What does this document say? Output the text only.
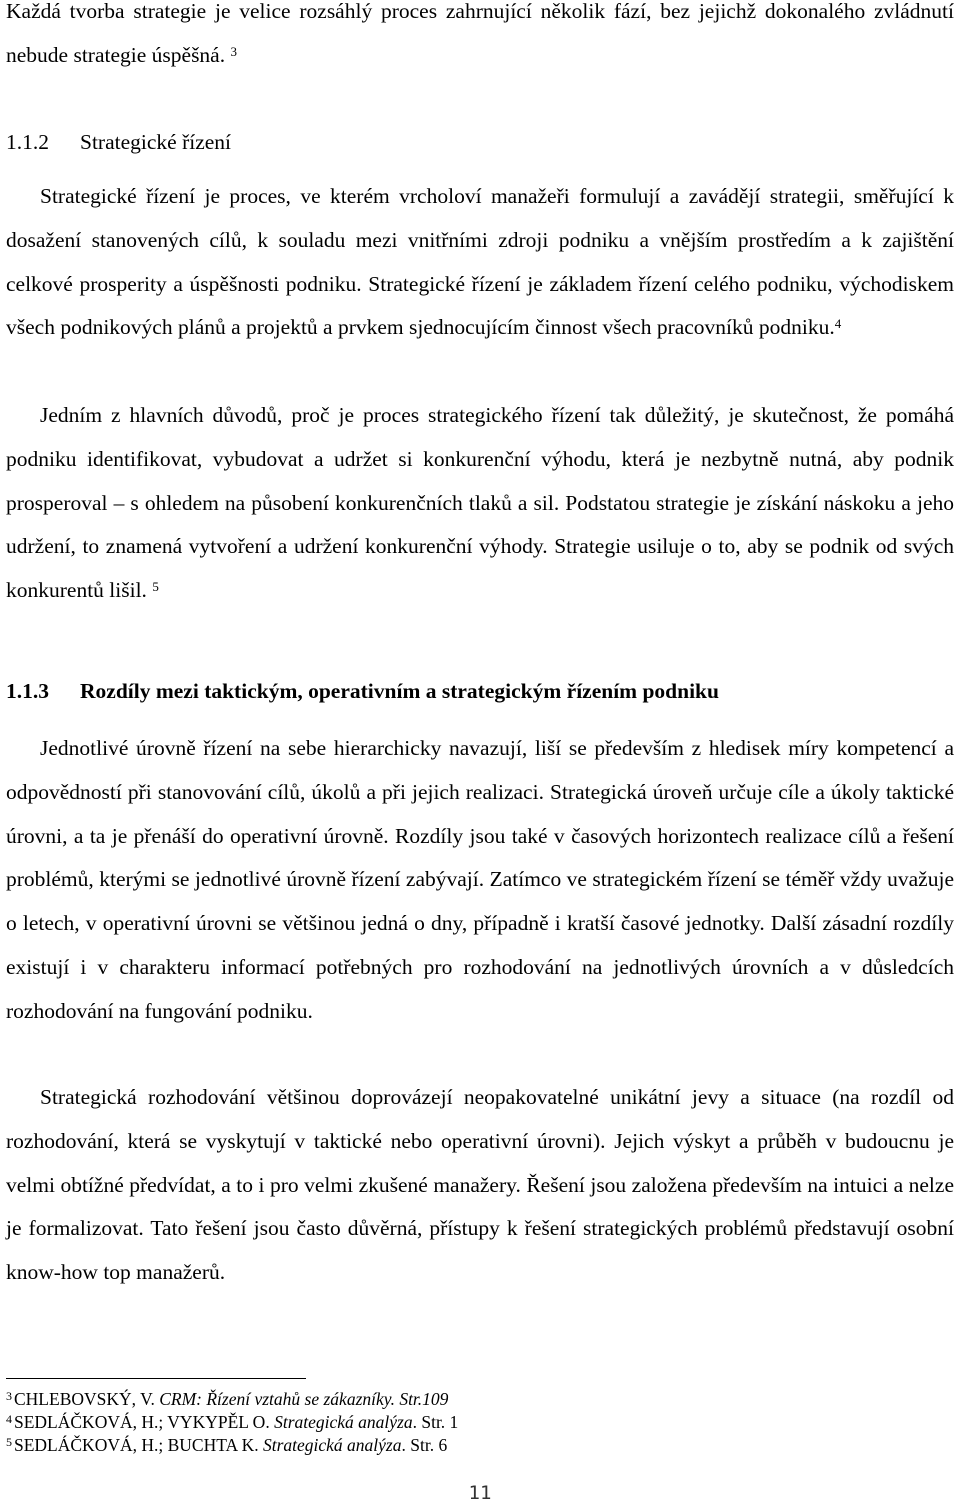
Každá tvorba strategie je velice rozsáhlý proces zahrnující několik fází, bez jejichž dokonalého zvládnutí nebude strategie úspěšná. $^3$

1.1.2 Strategické řízení

Strategické řízení je proces, ve kterém vrcholoví manažeři formulují a zavádějí strategii, směřující k dosažení stanovených cílů, k souladu mezi vnitřními zdroji podniku a vnějším prostředím a k zajištění celkové prosperity a úspěšnosti podniku. Strategické řízení je základem řízení celého podniku, východiskem všech podnikových plánů a projektů a prvkem sjednocujícím činnost všech pracovníků podniku.$^4$

Jedním z hlavních důvodů, proč je proces strategického řízení tak důležitý, je skutečnost, že pomáhá podniku identifikovat, vybudovat a udržet si konkurenční výhodu, která je nezbytně nutná, aby podnik prosperoval – s ohledem na působení konkurenčních tlaků a sil. Podstatou strategie je získání náskoku a jeho udržení, to znamená vytvoření a udržení konkurenční výhody. Strategie usiluje o to, aby se podnik od svých konkurentů lišil. $^5$

1.1.3 Rozdíly mezi taktickým, operativním a strategickým řízením podniku

Jednotlivé úrovně řízení na sebe hierarchicky navazují, liší se především z hledisek míry kompetencí a odpovědností při stanovování cílů, úkolů a při jejich realizaci. Strategická úroveň určuje cíle a úkoly taktické úrovni, a ta je přenáší do operativní úrovně. Rozdíly jsou také v časových horizontech realizace cílů a řešení problémů, kterými se jednotlivé úrovně řízení zabývají. Zatímco ve strategickém řízení se téměř vždy uvažuje o letech, v operativní úrovni se většinou jedná o dny, případně i kratší časové jednotky. Další zásadní rozdíly existují i v charakteru informací potřebných pro rozhodování na jednotlivých úrovních a v důsledcích rozhodování na fungování podniku.

Strategická rozhodování většinou doprovázejí neopakovatelné unikátní jevy a situace (na rozdíl od rozhodování, která se vyskytují v taktické nebo operativní úrovni). Jejich výskyt a průběh v budoucnu je velmi obtížné předvídat, a to i pro velmi zkušené manažery. Řešení jsou založena především na intuici a nelze je formalizovat. Tato řešení jsou často důvěrná, přístupy k řešení strategických problémů představují osobní know-how top manažerů.

$^3$ CHLEBOVSKÝ, V. CRM: Řízení vztahů se zákazníky. Str.109

$^4$ SEDLÁČKOVÁ, H.; VYKYPĚL O. Strategická analýza. Str. 1

$^5$ SEDLÁČKOVÁ, H.; BUCHTA K. Strategická analýza. Str. 6

11
